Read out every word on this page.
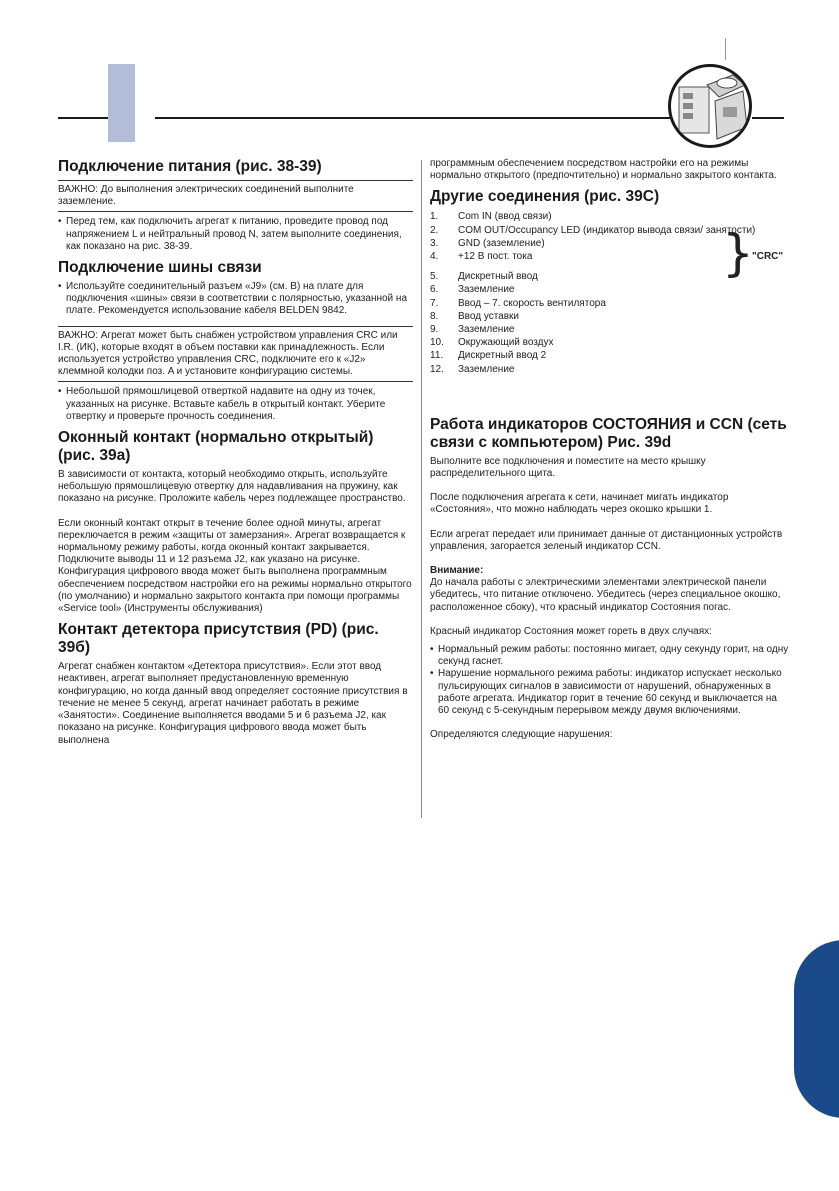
Подключение питания (рис. 38-39)

ВАЖНО: До выполнения электрических соединений выполните заземление.

• Перед тем, как подключить агрегат к питанию, проведите провод под напряжением L и нейтральный провод N, затем выполните соединения, как показано на рис. 38-39.
Подключение шины связи
• Используйте соединительный разъем «J9» (см. B) на плате для подключения «шины» связи в соответствии с полярностью, указанной на плате. Рекомендуется использование кабеля BELDEN 9842.

ВАЖНО: Агрегат может быть снабжен устройством управления CRC или I.R. (ИК), которые входят в объем поставки как принадлежность. Если используется устройство управления CRC, подключите его к «J2» клеммной колодки поз. A и установите конфигурацию системы.

• Небольшой прямошлицевой отверткой надавите на одну из точек, указанных на рисунке. Вставьте кабель в открытый контакт. Уберите отвертку и проверьте прочность соединения.
Оконный контакт (нормально открытый) (рис. 39a)

В зависимости от контакта, который необходимо открыть, используйте небольшую прямошлицевую отвертку для надавливания на пружину, как показано на рисунке. Проложите кабель через подлежащее пространство.

Если оконный контакт открыт в течение более одной минуты, агрегат переключается в режим «защиты от замерзания». Агрегат возвращается к нормальному режиму работы, когда оконный контакт закрывается. Подключите выводы 11 и 12 разъема J2, как указано на рисунке. Конфигурация цифрового ввода может быть выполнена программным обеспечением посредством настройки его на режимы нормально открытого (по умолчанию) и нормально закрытого контакта при помощи программы «Service tool» (Инструменты обслуживания)

Контакт детектора присутствия (PD) (рис. 39б)

Агрегат снабжен контактом «Детектора присутствия». Если этот ввод неактивен, агрегат выполняет предустановленную временную конфигурацию, но когда данный ввод определяет состояние присутствия в течение не менее 5 секунд, агрегат начинает работать в режиме «Занятости». Соединение выполняется вводами 5 и 6 разъема J2, как показано на рисунке. Конфигурация цифрового ввода может быть выполнена

программным обеспечением посредством настройки его на режимы нормально открытого (предпочтительно) и нормально закрытого контакта.

Другие соединения (рис. 39C)
1.	Com IN (ввод связи)
2.	COM OUT/Occupancy LED (индикатор вывода связи/ занятости)
3.	GND (заземление)
4.	+12 В пост. тока
5.	Дискретный ввод
6.	Заземление
7.	Ввод – 7. скорость вентилятора
8.	Ввод уставки
9.	Заземление
10.	Окружающий воздух
11.	Дискретный ввод 2
12.	Заземление
Работа индикаторов СОСТОЯНИЯ и CCN (сеть связи с компьютером) Рис. 39d

Выполните все подключения и поместите на место крышку распределительного щита.

После подключения агрегата к сети, начинает мигать индикатор «Состояния», что можно наблюдать через окошко крышки 1.

Если агрегат передает или принимает данные от дистанционных устройств управления, загорается зеленый индикатор CCN.

Внимание:

До начала работы с электрическими элементами электрической панели убедитесь, что питание отключено. Убедитесь (через специальное окошко, расположенное сбоку), что красный индикатор Состояния погас.

Красный индикатор Состояния может гореть в двух случаях:

• Нормальный режим работы: постоянно мигает, одну секунду горит, на одну секунд гаснет.
• Нарушение нормального режима работы: индикатор испускает несколько пульсирующих сигналов в зависимости от нарушений, обнаруженных в работе агрегата. Индикатор горит в течение 60 секунд и выключается на 60 секунд с 5-секундным перерывом между двумя включениями.

Определяются следующие нарушения:

}
"CRC"
